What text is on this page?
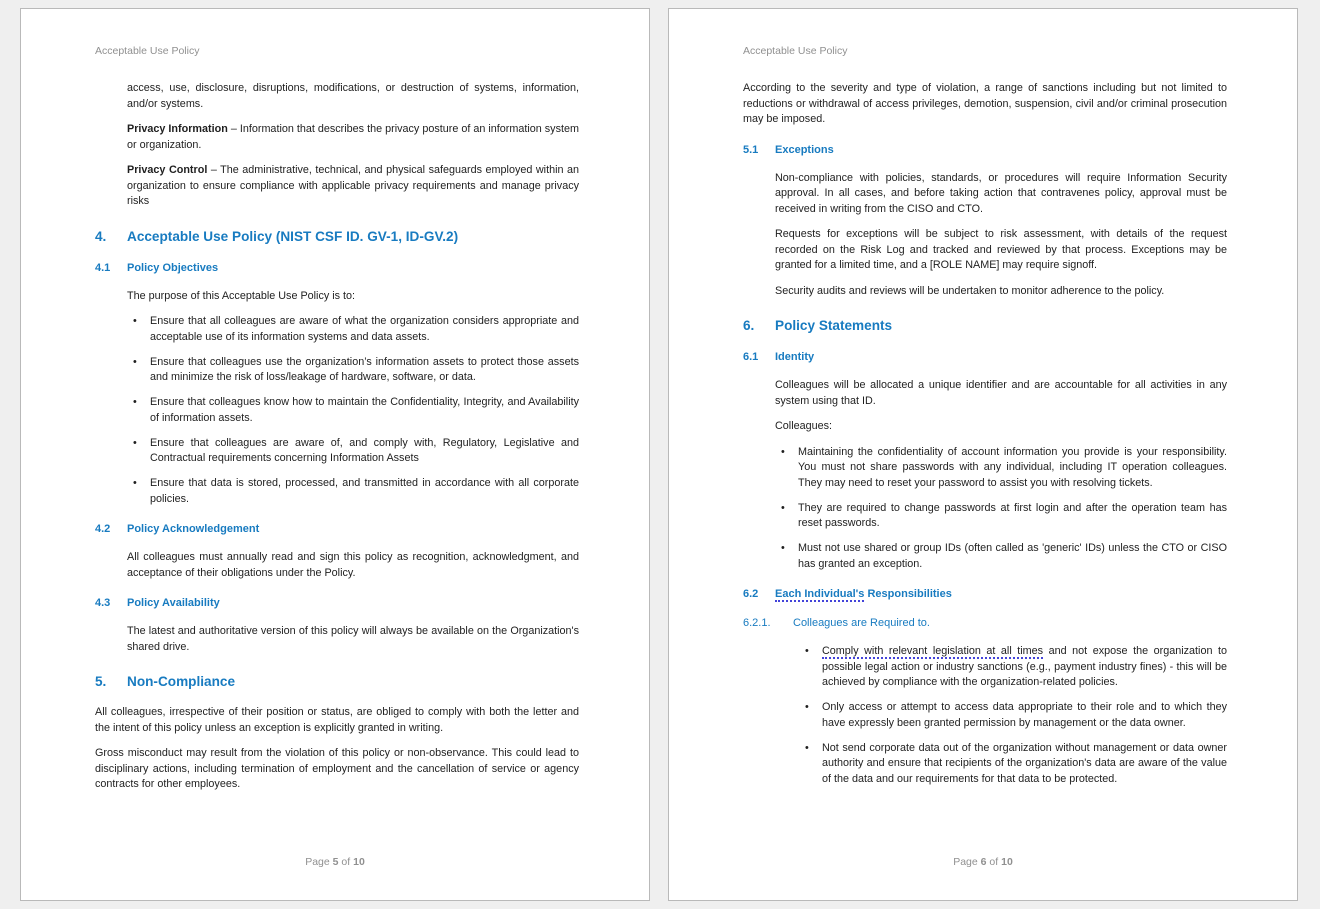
Acceptable Use Policy

access, use, disclosure, disruptions, modifications, or destruction of systems, information, and/or systems.

Privacy Information – Information that describes the privacy posture of an information system or organization.

Privacy Control – The administrative, technical, and physical safeguards employed within an organization to ensure compliance with applicable privacy requirements and manage privacy risks

4.	Acceptable Use Policy (NIST CSF ID. GV-1, ID-GV.2)
4.1	Policy Objectives

The purpose of this Acceptable Use Policy is to:

•	Ensure that all colleagues are aware of what the organization considers appropriate and acceptable use of its information systems and data assets.
•	Ensure that colleagues use the organization’s information assets to protect those assets and minimize the risk of loss/leakage of hardware, software, or data.
•	Ensure that colleagues know how to maintain the Confidentiality, Integrity, and Availability of information assets.
•	Ensure that colleagues are aware of, and comply with, Regulatory, Legislative and Contractual requirements concerning Information Assets
•	Ensure that data is stored, processed, and transmitted in accordance with all corporate policies.
4.2	Policy Acknowledgement

All colleagues must annually read and sign this policy as recognition, acknowledgment, and acceptance of their obligations under the Policy.

4.3	Policy Availability

The latest and authoritative version of this policy will always be available on the Organization's shared drive.

5.	Non-Compliance

All colleagues, irrespective of their position or status, are obliged to comply with both the letter and the intent of this policy unless an exception is explicitly granted in writing.

Gross misconduct may result from the violation of this policy or non-observance. This could lead to disciplinary actions, including termination of employment and the cancellation of service or agency contracts for other employees.

Page 5 of 10
Acceptable Use Policy

According to the severity and type of violation, a range of sanctions including but not limited to reductions or withdrawal of access privileges, demotion, suspension, civil and/or criminal prosecution may be imposed.

5.1	Exceptions

Non-compliance with policies, standards, or procedures will require Information Security approval. In all cases, and before taking action that contravenes policy, approval must be received in writing from the CISO and CTO.

Requests for exceptions will be subject to risk assessment, with details of the request recorded on the Risk Log and tracked and reviewed by that process. Exceptions may be granted for a limited time, and a [ROLE NAME] may require signoff.

Security audits and reviews will be undertaken to monitor adherence to the policy.

6.	Policy Statements
6.1	Identity

Colleagues will be allocated a unique identifier and are accountable for all activities in any system using that ID.

Colleagues:

•	Maintaining the confidentiality of account information you provide is your responsibility. You must not share passwords with any individual, including IT operation colleagues. They may need to reset your password to assist you with resolving tickets.
•	They are required to change passwords at first login and after the operation team has reset passwords.
•	Must not use shared or group IDs (often called as 'generic' IDs) unless the CTO or CISO has granted an exception.
6.2	Each Individual's Responsibilities
6.2.1.	Colleagues are Required to.
•	Comply with relevant legislation at all times and not expose the organization to possible legal action or industry sanctions (e.g., payment industry fines) - this will be achieved by compliance with the organization-related policies.
•	Only access or attempt to access data appropriate to their role and to which they have expressly been granted permission by management or the data owner.
•	Not send corporate data out of the organization without management or data owner authority and ensure that recipients of the organization's data are aware of the value of the data and our requirements for that data to be protected.
Page 6 of 10
